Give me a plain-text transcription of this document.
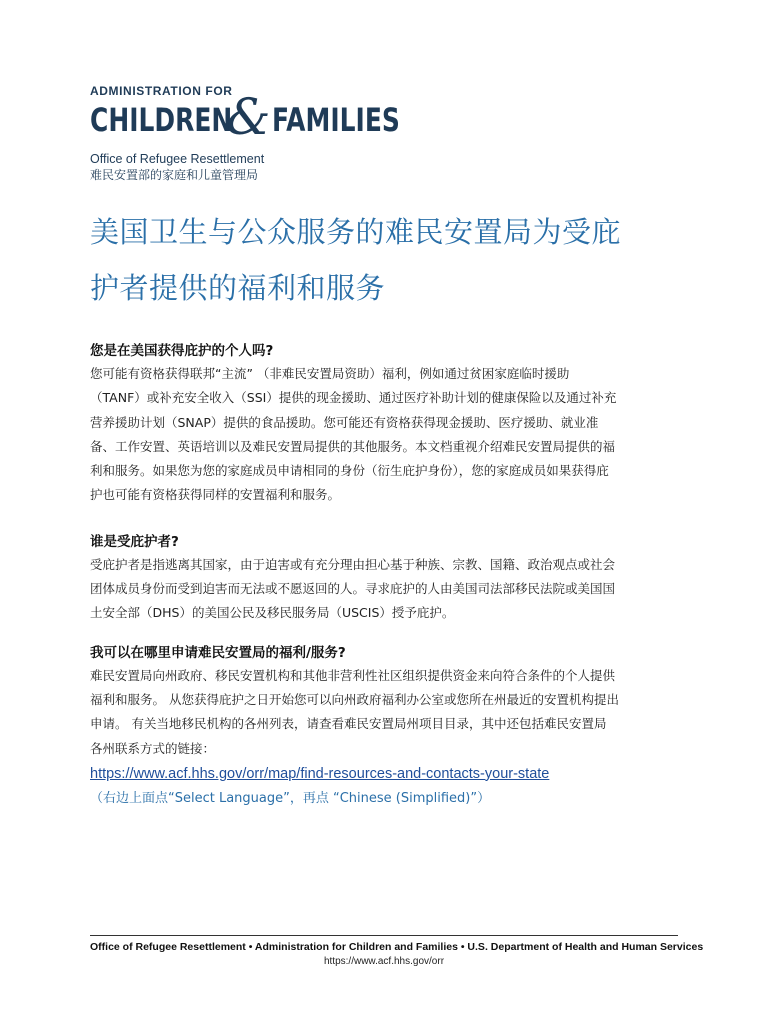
ADMINISTRATION FOR
CHILDREN
& FAMILIES
Office of Refugee Resettlement
难民安置部的家庭和儿童管理局
美国卫生与公众服务的难民安置局为受庇
护者提供的福利和服务

您是在美国获得庇护的个人吗?

您可能有资格获得联邦“主流” （非难民安置局资助）福利，例如通过贫困家庭临时援助
（TANF）或补充安全收入（SSI）提供的现金援助、通过医疗补助计划的健康保险以及通过补充
营养援助计划（SNAP）提供的食品援助。您可能还有资格获得现金援助、医疗援助、就业准
备、工作安置、英语培训以及难民安置局提供的其他服务。本文档重视介绍难民安置局提供的福
利和服务。如果您为您的家庭成员申请相同的身份（衍生庇护身份），您的家庭成员如果获得庇
护也可能有资格获得同样的安置福利和服务。

谁是受庇护者?

受庇护者是指逃离其国家，由于迫害或有充分理由担心基于种族、宗教、国籍、政治观点或社会
团体成员身份而受到迫害而无法或不愿返回的人。寻求庇护的人由美国司法部移民法院或美国国
土安全部（DHS）的美国公民及移民服务局（USCIS）授予庇护。

我可以在哪里申请难民安置局的福利/服务?

难民安置局向州政府、移民安置机构和其他非营利性社区组织提供资金来向符合条件的个人提供
福利和服务。 从您获得庇护之日开始您可以向州政府福利办公室或您所在州最近的安置机构提出
申请。 有关当地移民机构的各州列表，请查看难民安置局州项目目录，其中还包括难民安置局
各州联系方式的链接：

https://www.acf.hhs.gov/orr/map/find-resources-and-contacts-your-state
（右边上面点“Select Language”，再点 “Chinese (Simplified)”）
Office of Refugee Resettlement • Administration for Children and Families • U.S. Department of Health and Human Services
https://www.acf.hhs.gov/orr
